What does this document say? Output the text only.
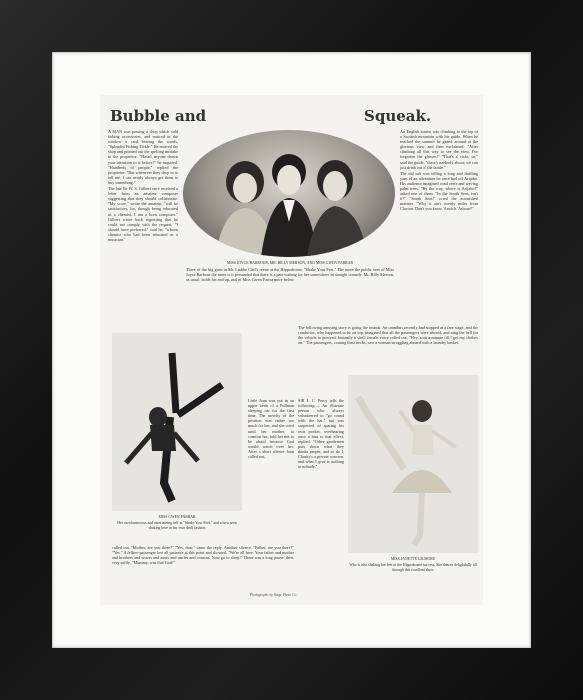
Bubble and	Squeak.

A MAN was passing a shop which sold fishing accessories, and noticed in the window a card bearing the words, "Splendid Fishing Tickle." He entered the shop and pointed out the spelling mistake to the proprietor. "Hasn't anyone drawn your attention to it before?" he inquired. "Hundreds of people," replied the proprietor. "But whenever they drop in to tell me, I can nearly always get them to buy something."

The late Sir W. S. Gilbert once received a letter from an amateur composer suggesting that they should collaborate. "My score," wrote the amateur, "will be satisfactory, for, though being educated as a chemist, I am a born composer." Gilbert wrote back regretting that he could not comply with the request. "I should have preferred," said he, "a born chemist who had been educated as a musician."

MISS JOYCE BARBOUR, MR. BILLY MERSON, AND MISS GWEN FARRAR
Three of the big guns in Mr. Laddie Cliff's revue at the Hippodrome, "Shake Your Feet." The more the public sees of Miss Joyce Barbour the more is it persuaded that there is a part waiting for her somewhere in straight comedy. Mr. Billy Merson, as usual, holds his end up, and of Miss Gwen Farrar more below

An English tourist was climbing to the top of a Scottish mountain with his guide. When he reached the summit he gazed around at the glorious view and then exclaimed: "After climbing all this way to see the view, I've forgotten the glasses!" "That's a' richt, sir," said the guide, "there's naebody aboot; we can just drink oot o' the bottle."

The old salt was telling a long and thrilling yarn of an adventure he once had off Arijabo. His audience imagined coral reefs and waving palm trees. "By the way, where is Arijabo?" asked one of them. "In the South Seas, isn't it?" "South Seas!" cried the astonished mariner. "Why it ain't twenty miles from Clacton. Don't you know 'Arwich 'Arbour?"

The following amusing story is going the rounds. An omnibus recently had stopped at a fare stage, and the conductor, who happened to be on top, imagined that all the passengers were aboard, and rang the bell for the vehicle to proceed. Instantly a shrill female voice called out, "Hey, wait a minute till I get my clothes on." The passengers, craning their necks, saw a woman struggling aboard with a laundry basket.
MISS GWEN FARRAR
Her own humorous and entertaining self in "Shake Your Feet," and a bow seen shaking here in her own droll fashion
Little Joan was put in an upper berth of a Pullman sleeping car for the first time. The novelty of the position was rather too much for her, and she cried until her mother, to comfort her, told her not to be afraid because God would watch over her. After a short silence Joan called out,
called out, "Mother, are you there?" "Yes, dear," came the reply. Another silence. "Father, are you there?" "Yes." A fellow-passenger lost all patience at this point and shouted, "We're all here. Your father and mother and brothers and sisters and aunts and uncles and cousins. Now go to sleep!" There was a long pause, then, very softly, "Mummy, was that God?"
SIR J. C. Percy tells the following:— An illiterate person who always volunteered to "go round with the hat," but was suspected of sparing his own pocket, overhearing once a hint to that effect, replied: "Other gentlemen puts down what they thinks proper, and so do I. Charity's a private concern, and what I give is nothing to nobody."
MISS JANETTE GILMORE
Who is also shaking her feet in the Hippodrome success. She dances delightfully all through this excellent show
Photographs by Stage Photo Co.
